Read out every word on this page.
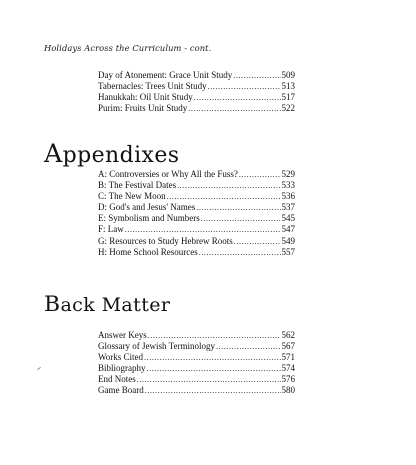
Holidays Across the Curriculum - cont.
Day of Atonement: Grace Unit Study .....	509
Tabernacles: Trees Unit Study .....	513
Hanukkah: Oil Unit Study .....	517
Purim: Fruits Unit Study .....	522
Appendixes
A: Controversies or Why All the Fuss? .....	529
B: The Festival Dates .....	533
C: The New Moon .....	536
D: God's and Jesus' Names .....	537
E: Symbolism and Numbers .....	545
F: Law .....	547
G: Resources to Study Hebrew Roots .....	549
H: Home School Resources .....	557
Back Matter
Answer Keys .....	562
Glossary of Jewish Terminology .....	567
Works Cited .....	571
Bibliography .....	574
End Notes .....	576
Game Board .....	580
